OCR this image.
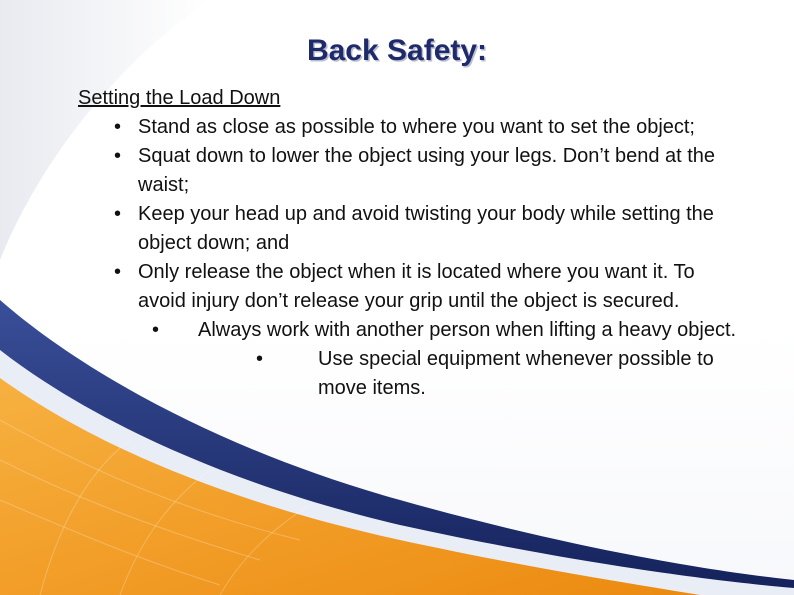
Back Safety:

Setting the Load Down

• Stand as close as possible to where you want to set the object;
• Squat down to lower the object using your legs. Don’t bend at the waist;
• Keep your head up and avoid twisting your body while setting the object down; and
• Only release the object when it is located where you want it. To avoid injury don’t release your grip until the object is secured.
• Always work with another person when lifting a heavy object.
• Use special equipment whenever possible to move items.
